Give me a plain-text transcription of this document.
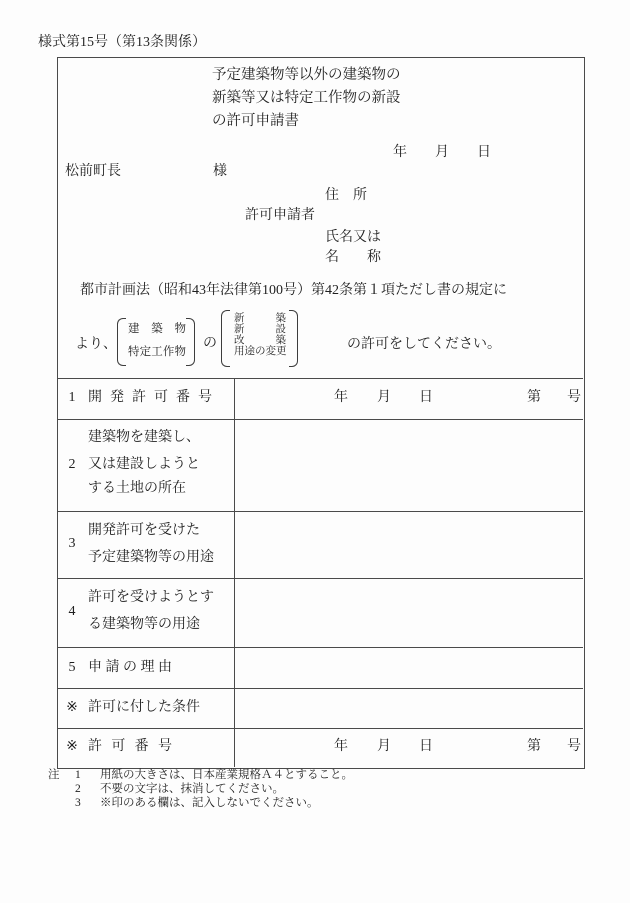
様式第15号（第13条関係）
予定建築物等以外の建築物の
新築等又は特定工作物の新設
の許可申請書
年 月 日
松前町長	様
住所
許可申請者
氏名又は
名称
都市計画法（昭和43年法律第100号）第42条第１項ただし書の規定に
より、
建築物
特定工作物
の
新築
新設
改築
用途の変更	の許可をしてください。
1 開発許可番号	年 月 日	第 号
2
建築物を建築し、
又は建設しようと
する土地の所在
3
開発許可を受けた
予定建築物等の用途
4
許可を受けようとす
る建築物等の用途
5 申請の理由
※ 許可に付した条件
※ 許可番号	年 月 日	第 号
注	1	用紙の大きさは、日本産業規格Ａ４とすること。
2	不要の文字は、抹消してください。
3	※印のある欄は、記入しないでください。
